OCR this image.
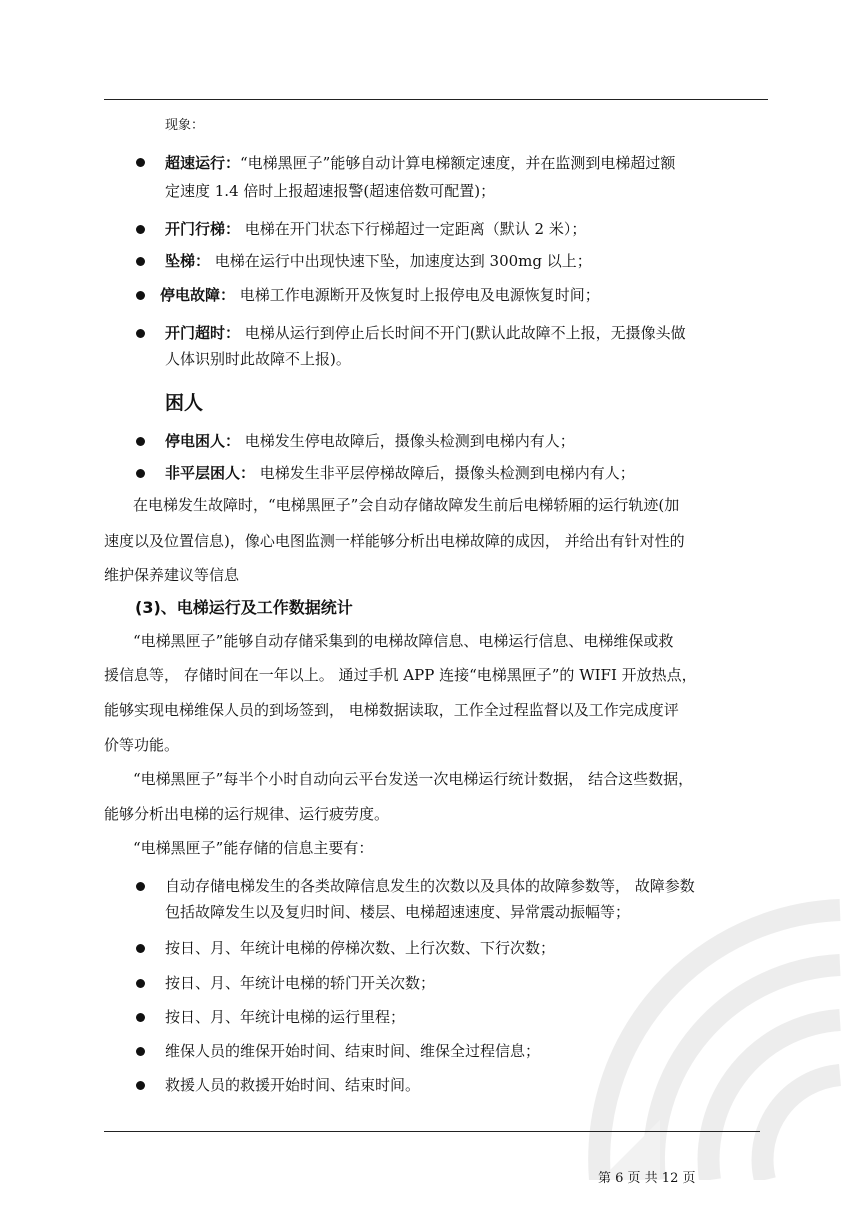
现象：
超速运行：“电梯黑匣子”能够自动计算电梯额定速度，并在监测到电梯超过额
定速度 1.4 倍时上报超速报警(超速倍数可配置)；
开门行梯： 电梯在开门状态下行梯超过一定距离（默认 2 米）；
坠梯： 电梯在运行中出现快速下坠，加速度达到 300mg 以上；
停电故障： 电梯工作电源断开及恢复时上报停电及电源恢复时间；
开门超时： 电梯从运行到停止后长时间不开门(默认此故障不上报，无摄像头做
人体识别时此故障不上报)。
困人
停电困人： 电梯发生停电故障后，摄像头检测到电梯内有人；
非平层困人： 电梯发生非平层停梯故障后，摄像头检测到电梯内有人；
在电梯发生故障时，“电梯黑匣子”会自动存储故障发生前后电梯轿厢的运行轨迹(加
速度以及位置信息)，像心电图监测一样能够分析出电梯故障的成因， 并给出有针对性的
维护保养建议等信息
(3)、电梯运行及工作数据统计
“电梯黑匣子”能够自动存储采集到的电梯故障信息、电梯运行信息、电梯维保或救
援信息等， 存储时间在一年以上。 通过手机 APP 连接“电梯黑匣子”的 WIFI 开放热点，
能够实现电梯维保人员的到场签到， 电梯数据读取，工作全过程监督以及工作完成度评
价等功能。
“电梯黑匣子”每半个小时自动向云平台发送一次电梯运行统计数据， 结合这些数据，
能够分析出电梯的运行规律、运行疲劳度。
“电梯黑匣子”能存储的信息主要有：
自动存储电梯发生的各类故障信息发生的次数以及具体的故障参数等， 故障参数
包括故障发生以及复归时间、楼层、电梯超速速度、异常震动振幅等；
按日、月、年统计电梯的停梯次数、上行次数、下行次数；
按日、月、年统计电梯的轿门开关次数；
按日、月、年统计电梯的运行里程；
维保人员的维保开始时间、结束时间、维保全过程信息；
救援人员的救援开始时间、结束时间。
第 6 页 共 12 页
